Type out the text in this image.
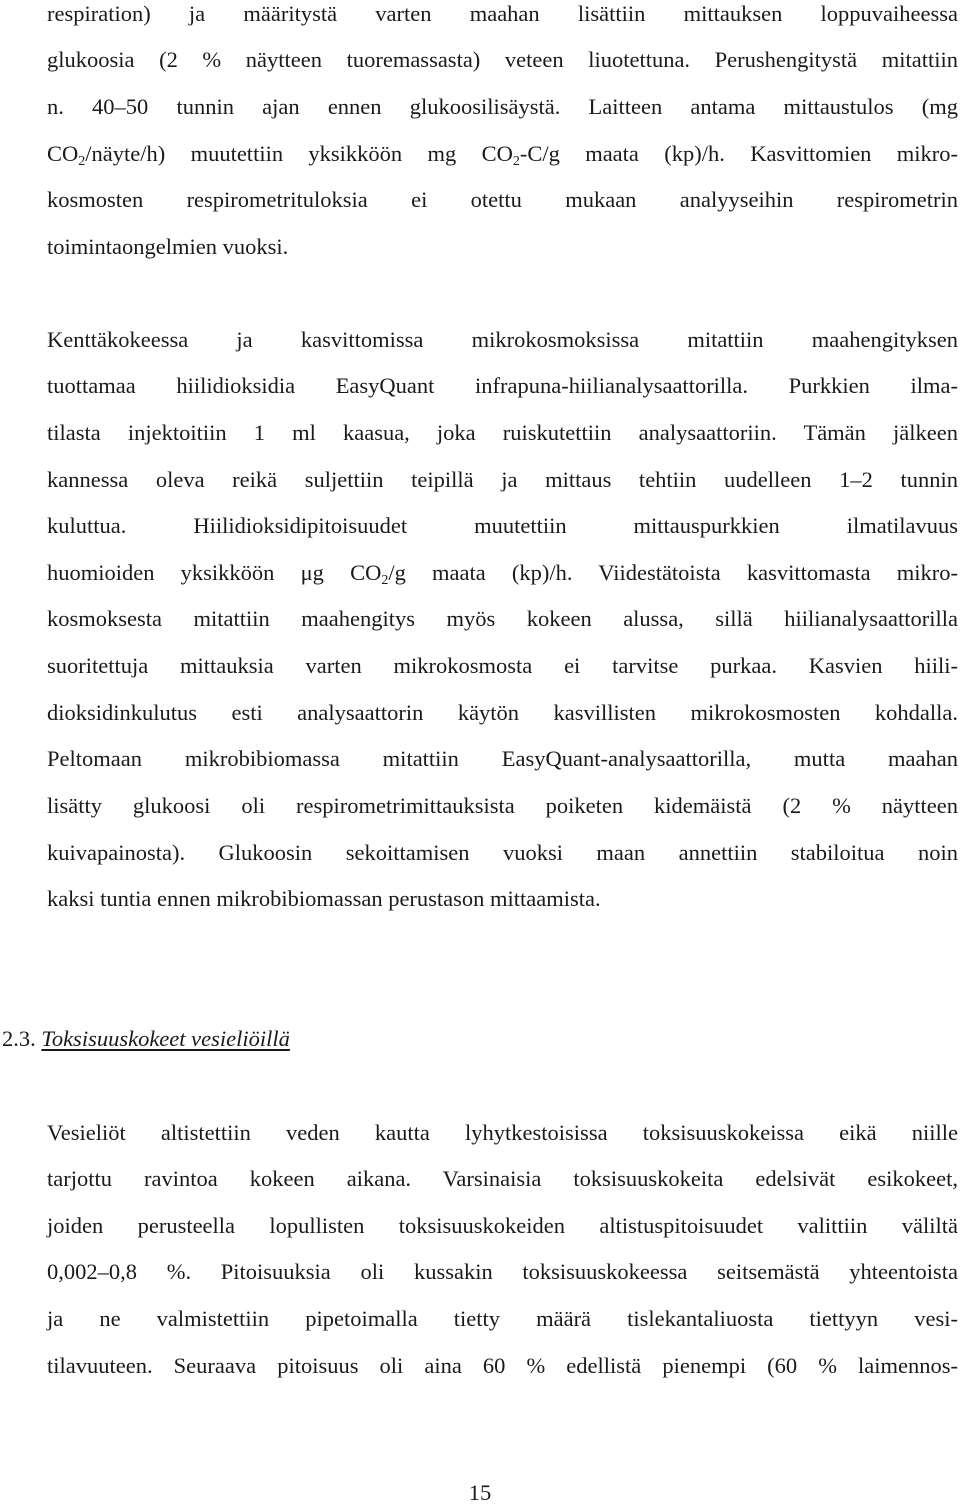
respiration) ja määritystä varten maahan lisättiin mittauksen loppuvaiheessa
glukoosia (2 % näytteen tuoremassasta) veteen liuotettuna. Perushengitystä mitattiin
n. 40–50 tunnin ajan ennen glukoosilisäystä. Laitteen antama mittaustulos (mg
$CO_2/näyte/h$) muutettiin yksikköön mg $CO_2-C/g$ maata (kp)/h. Kasvittomien mikro-
kosmosten respirometrituloksia ei otettu mukaan analyyseihin respirometrin
toimintaongelmien vuoksi.
Kenttäkokeessa ja kasvittomissa mikrokosmoksissa mitattiin maahengityksen
tuottamaa hiilidioksidia EasyQuant infrapuna-hiilianalysaattorilla. Purkkien ilma-
tilasta injektoitiin 1 ml kaasua, joka ruiskutettiin analysaattoriin. Tämän jälkeen
kannessa oleva reikä suljettiin teipillä ja mittaus tehtiin uudelleen 1–2 tunnin
kuluttua. Hiilidioksidipitoisuudet muutettiin mittauspurkkien ilmatilavuus
huomioiden yksikköön μg $CO_2/g$ maata (kp)/h. Viidestätoista kasvittomasta mikro-
kosmoksesta mitattiin maahengitys myös kokeen alussa, sillä hiilianalysaattorilla
suoritettuja mittauksia varten mikrokosmosta ei tarvitse purkaa. Kasvien hiili-
dioksidinkulutus esti analysaattorin käytön kasvillisten mikrokosmosten kohdalla.
Peltomaan mikrobibiomassa mitattiin EasyQuant-analysaattorilla, mutta maahan
lisätty glukoosi oli respirometrimittauksista poiketen kidemäistä (2 % näytteen
kuivapainosta). Glukoosin sekoittamisen vuoksi maan annettiin stabiloitua noin
kaksi tuntia ennen mikrobibiomassan perustason mittaamista.
2.3. Toksisuuskokeet vesieliöillä
Vesieliöt altistettiin veden kautta lyhytkestoisissa toksisuuskokeissa eikä niille
tarjottu ravintoa kokeen aikana. Varsinaisia toksisuuskokeita edelsivät esikokeet,
joiden perusteella lopullisten toksisuuskokeiden altistuspitoisuudet valittiin väliltä
0,002–0,8 %. Pitoisuuksia oli kussakin toksisuuskokeessa seitsemästä yhteentoista
ja ne valmistettiin pipetoimalla tietty määrä tislekantaliuosta tiettyyn vesi-
tilavuuteen. Seuraava pitoisuus oli aina 60 % edellistä pienempi (60 % laimennos-
15
